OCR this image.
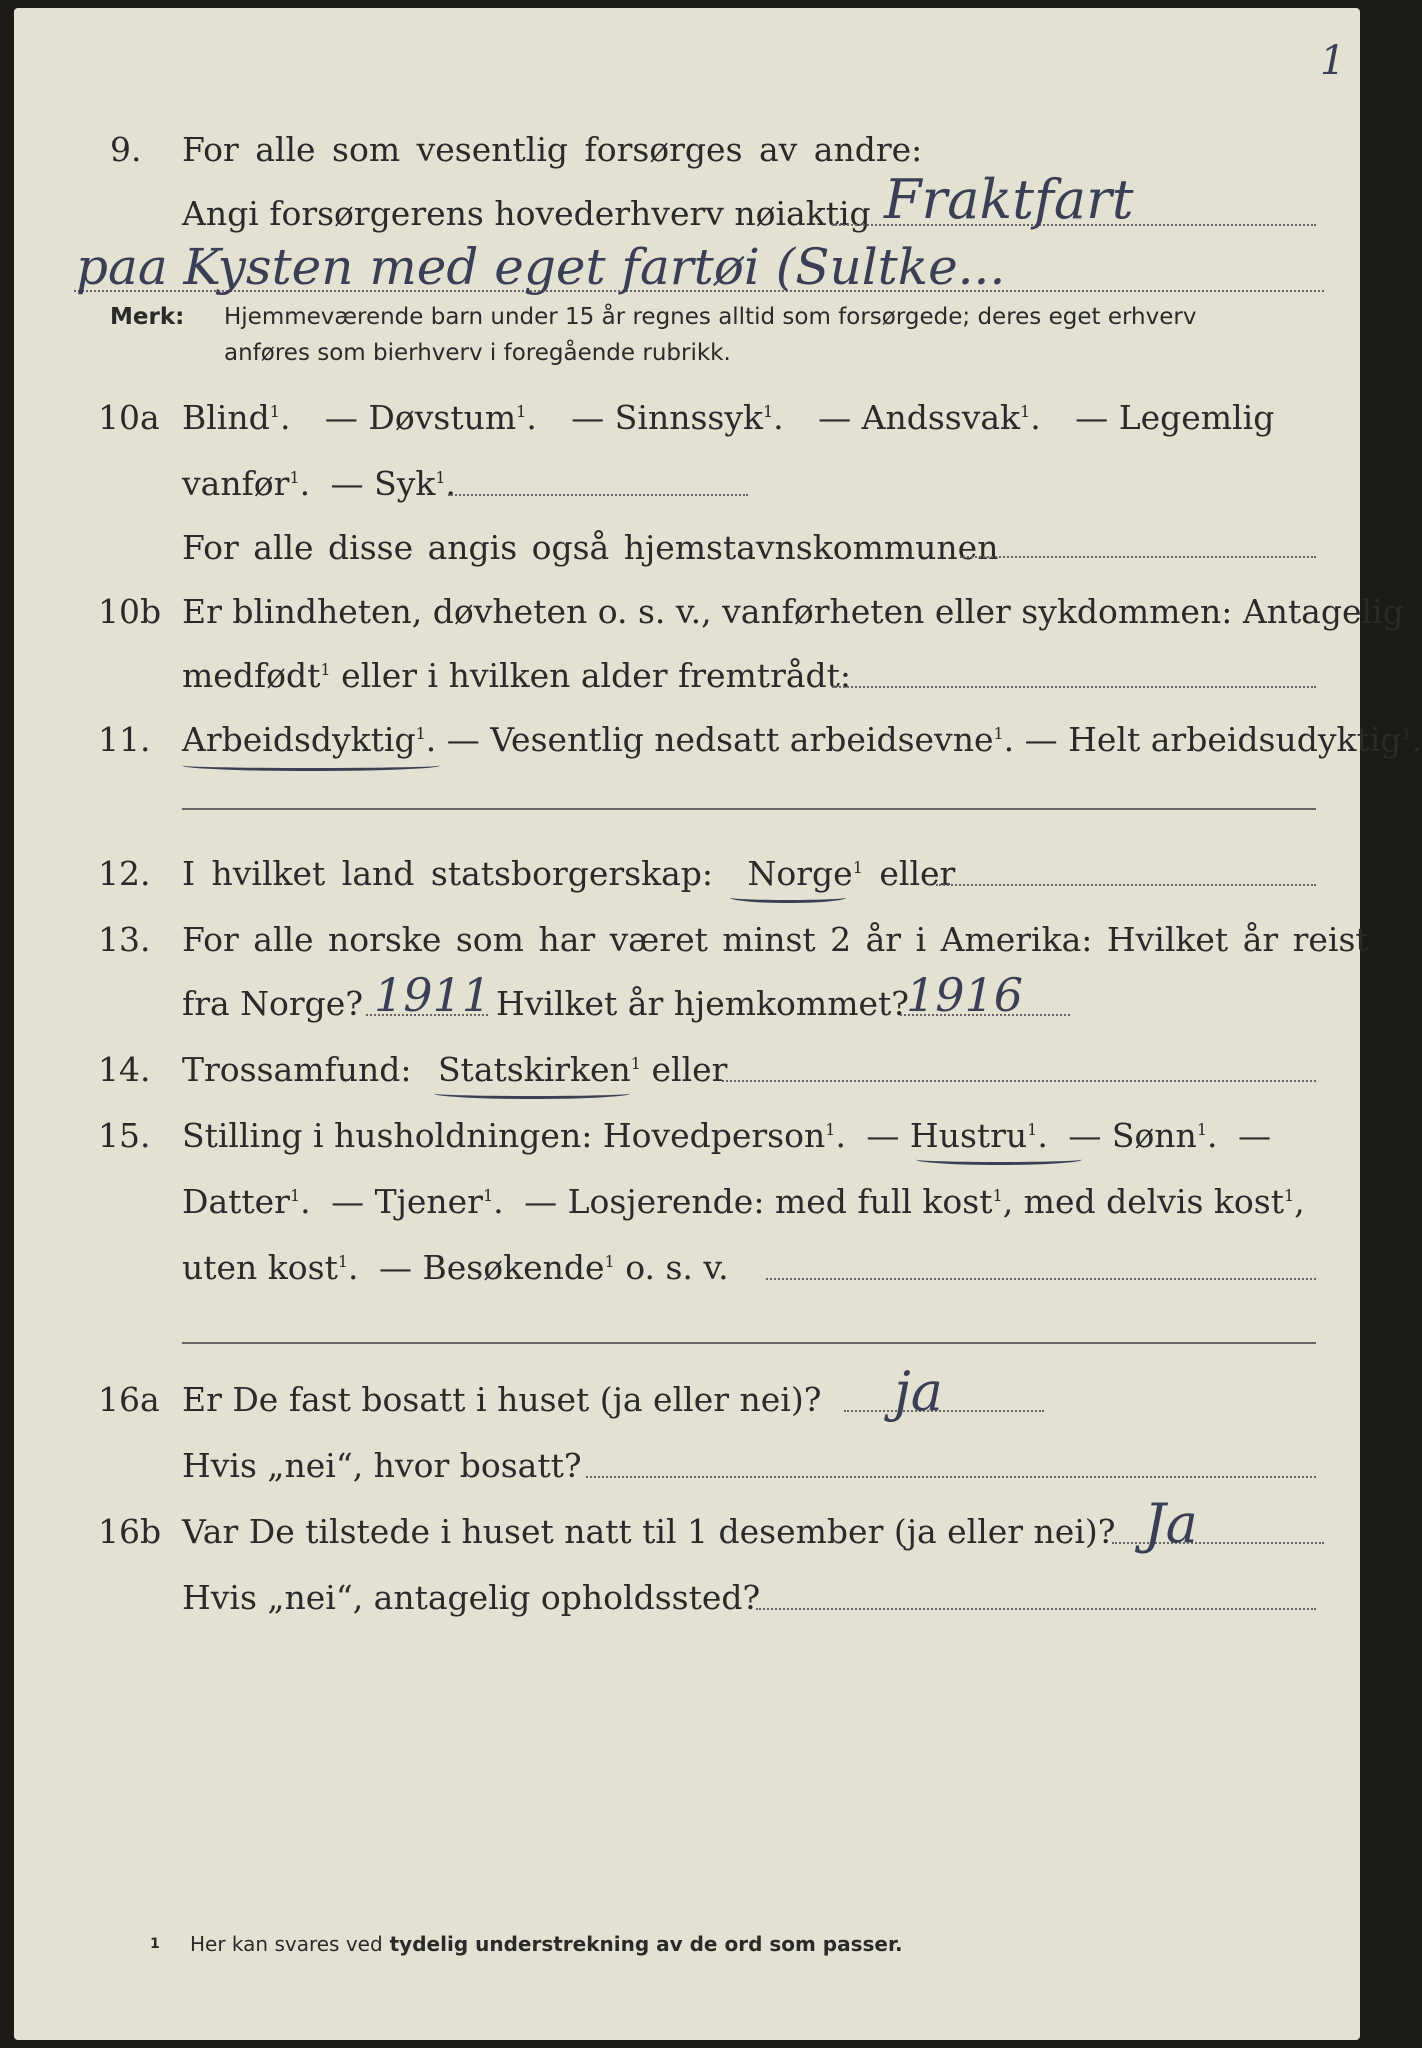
1
9. For alle som vesentlig forsørges av andre:
Angi forsørgerens hovederhverv nøiaktig Fraktfart
paa Kysten med eget fartøi (Sultke...
Merk: Hjemmeværende barn under 15 år regnes alltid som forsørgede; deres eget erhverv
anføres som bierhverv i foregående rubrikk.
10a Blind$^1$. — Døvstum$^1$. — Sinnssyk$^1$. — Andssvak$^1$. — Legemlig
vanfør$^1$. — Syk$^1$.
For alle disse angis også hjemstavnskommunen
10b Er blindheten, døvheten o. s. v., vanførheten eller sykdommen: Antagelig
medfødt$^1$ eller i hvilken alder fremtrådt:
11. Arbeidsdyktig$^1$. — Vesentlig nedsatt arbeidsevne$^1$. — Helt arbeidsudyktig$^1$.
12. I hvilket land statsborgerskap: Norge$^1$ eller
13. For alle norske som har været minst 2 år i Amerika: Hvilket år reist
fra Norge? 1911 Hvilket år hjemkommet?
1916
14. Trossamfund: Statskirken$^1$ eller
15. Stilling i husholdningen: Hovedperson$^1$. — Hustru$^1$. — Sønn$^1$. —
Datter$^1$. — Tjener$^1$. — Losjerende: med full kost$^1$, med delvis kost$^1$,
uten kost$^1$. — Besøkende$^1$ o. s. v.
16a Er De fast bosatt i huset (ja eller nei)? ja
Hvis „nei“, hvor bosatt?
16b Var De tilstede i huset natt til 1 desember (ja eller nei)? Ja
Hvis „nei“, antagelig opholdssted?
1 Her kan svares ved tydelig understrekning av de ord som passer.
